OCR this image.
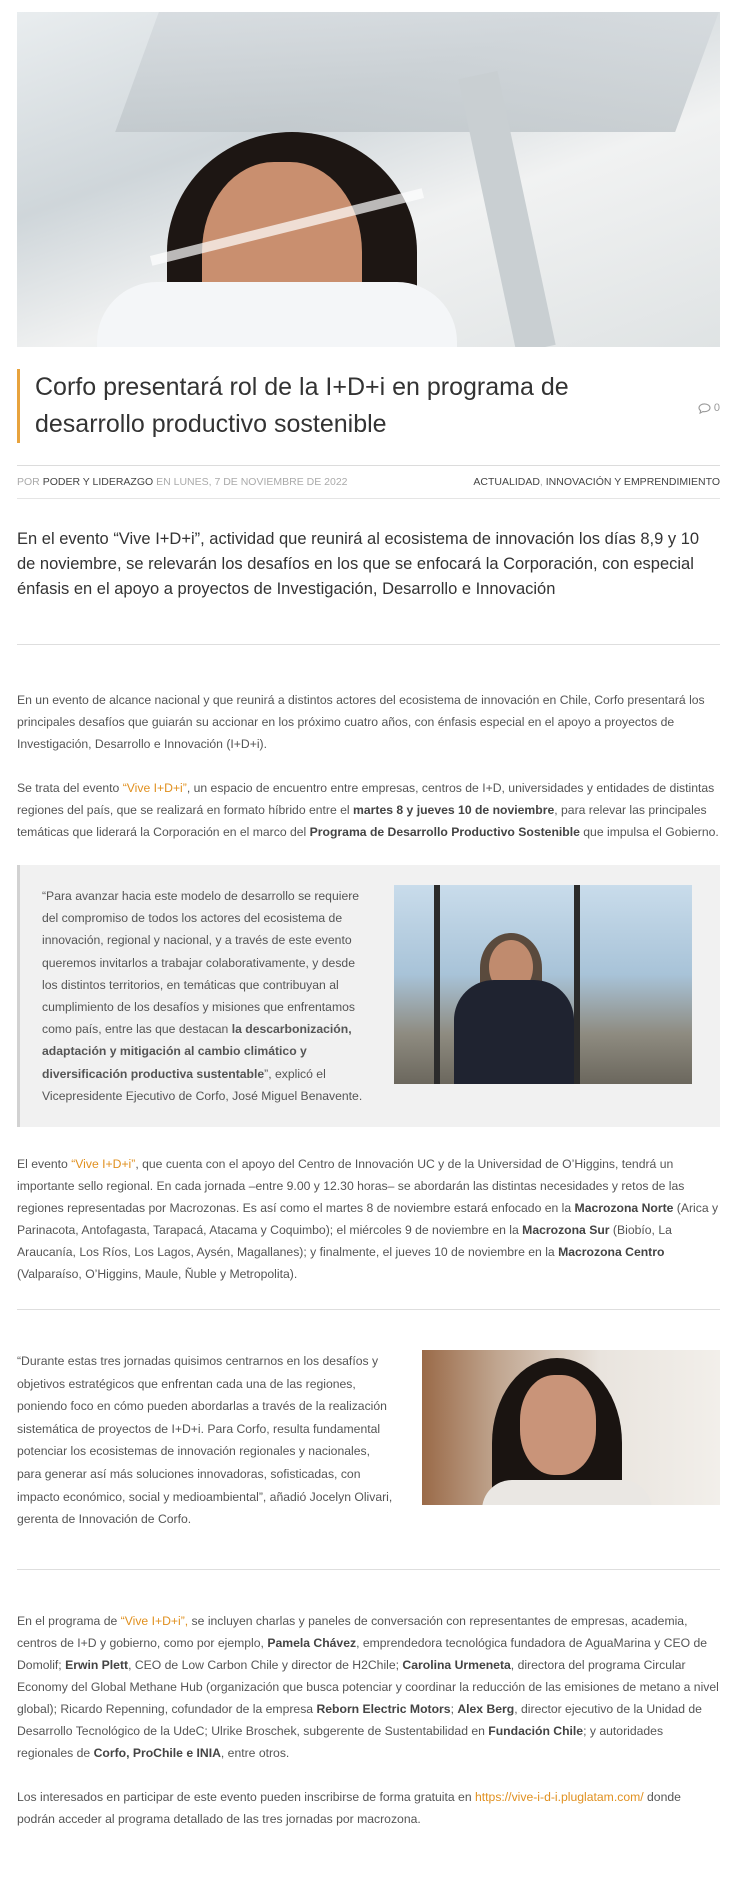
Corfo presentará rol de la I+D+i en programa de desarrollo productivo sostenible
0
POR PODER Y LIDERAZGO EN LUNES, 7 DE NOVIEMBRE DE 2022	ACTUALIDAD, INNOVACIÓN Y EMPRENDIMIENTO

En el evento “Vive I+D+i”, actividad que reunirá al ecosistema de innovación los días 8,9 y 10 de noviembre, se relevarán los desafíos en los que se enfocará la Corporación, con especial énfasis en el apoyo a proyectos de Investigación, Desarrollo e Innovación

En un evento de alcance nacional y que reunirá a distintos actores del ecosistema de innovación en Chile, Corfo presentará los principales desafíos que guiarán su accionar en los próximo cuatro años, con énfasis especial en el apoyo a proyectos de Investigación, Desarrollo e Innovación (I+D+i).

Se trata del evento “Vive I+D+i”, un espacio de encuentro entre empresas, centros de I+D, universidades y entidades de distintas regiones del país, que se realizará en formato híbrido entre el martes 8 y jueves 10 de noviembre, para relevar las principales temáticas que liderará la Corporación en el marco del Programa de Desarrollo Productivo Sostenible que impulsa el Gobierno.

“Para avanzar hacia este modelo de desarrollo se requiere del compromiso de todos los actores del ecosistema de innovación, regional y nacional, y a través de este evento queremos invitarlos a trabajar colaborativamente, y desde los distintos territorios, en temáticas que contribuyan al cumplimiento de los desafíos y misiones que enfrentamos como país, entre las que destacan la descarbonización, adaptación y mitigación al cambio climático y diversificación productiva sustentable”, explicó el Vicepresidente Ejecutivo de Corfo, José Miguel Benavente.

El evento “Vive I+D+i”, que cuenta con el apoyo del Centro de Innovación UC y de la Universidad de O’Higgins, tendrá un importante sello regional. En cada jornada –entre 9.00 y 12.30 horas– se abordarán las distintas necesidades y retos de las regiones representadas por Macrozonas. Es así como el martes 8 de noviembre estará enfocado en la Macrozona Norte (Arica y Parinacota, Antofagasta, Tarapacá, Atacama y Coquimbo); el miércoles 9 de noviembre en la Macrozona Sur (Biobío, La Araucanía, Los Ríos, Los Lagos, Aysén, Magallanes); y finalmente, el jueves 10 de noviembre en la Macrozona Centro (Valparaíso, O’Higgins, Maule, Ñuble y Metropolita).

“Durante estas tres jornadas quisimos centrarnos en los desafíos y objetivos estratégicos que enfrentan cada una de las regiones, poniendo foco en cómo pueden abordarlas a través de la realización sistemática de proyectos de I+D+i. Para Corfo, resulta fundamental potenciar los ecosistemas de innovación regionales y nacionales, para generar así más soluciones innovadoras, sofisticadas, con impacto económico, social y medioambiental”, añadió Jocelyn Olivari, gerenta de Innovación de Corfo.

En el programa de “Vive I+D+i”, se incluyen charlas y paneles de conversación con representantes de empresas, academia, centros de I+D y gobierno, como por ejemplo, Pamela Chávez, emprendedora tecnológica fundadora de AguaMarina y CEO de Domolif; Erwin Plett, CEO de Low Carbon Chile y director de H2Chile; Carolina Urmeneta, directora del programa Circular Economy del Global Methane Hub (organización que busca potenciar y coordinar la reducción de las emisiones de metano a nivel global); Ricardo Repenning, cofundador de la empresa Reborn Electric Motors; Alex Berg, director ejecutivo de la Unidad de Desarrollo Tecnológico de la UdeC; Ulrike Broschek, subgerente de Sustentabilidad en Fundación Chile; y autoridades regionales de Corfo, ProChile e INIA, entre otros.

Los interesados en participar de este evento pueden inscribirse de forma gratuita en https://vive-i-d-i.pluglatam.com/ donde podrán acceder al programa detallado de las tres jornadas por macrozona.
